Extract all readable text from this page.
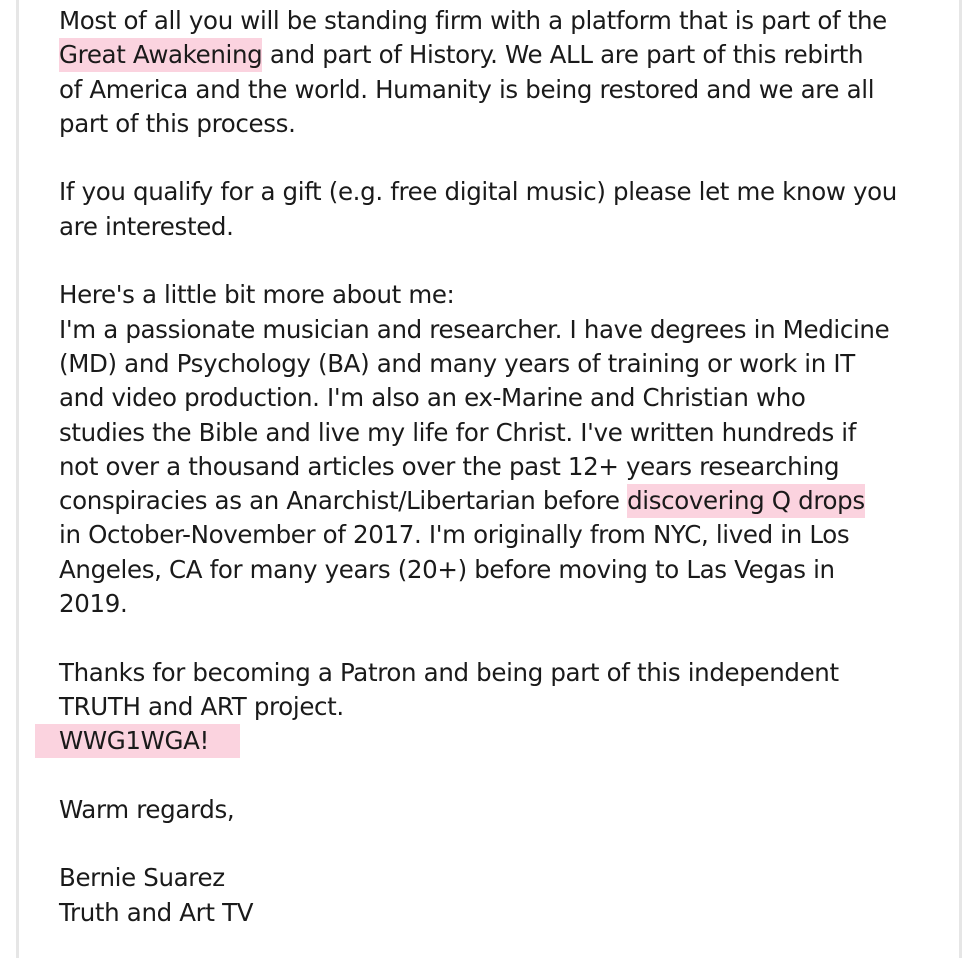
Most of all you will be standing firm with a platform that is part of the
Great Awakening and part of History. We ALL are part of this rebirth
of America and the world. Humanity is being restored and we are all
part of this process.
If you qualify for a gift (e.g. free digital music) please let me know you
are interested.
Here's a little bit more about me:
I'm a passionate musician and researcher. I have degrees in Medicine
(MD) and Psychology (BA) and many years of training or work in IT
and video production. I'm also an ex-Marine and Christian who
studies the Bible and live my life for Christ. I've written hundreds if
not over a thousand articles over the past 12+ years researching
conspiracies as an Anarchist/Libertarian before discovering Q drops
in October-November of 2017. I'm originally from NYC, lived in Los
Angeles, CA for many years (20+) before moving to Las Vegas in
2019.
Thanks for becoming a Patron and being part of this independent
TRUTH and ART project.
WWG1WGA!
Warm regards,
Bernie Suarez
Truth and Art TV
